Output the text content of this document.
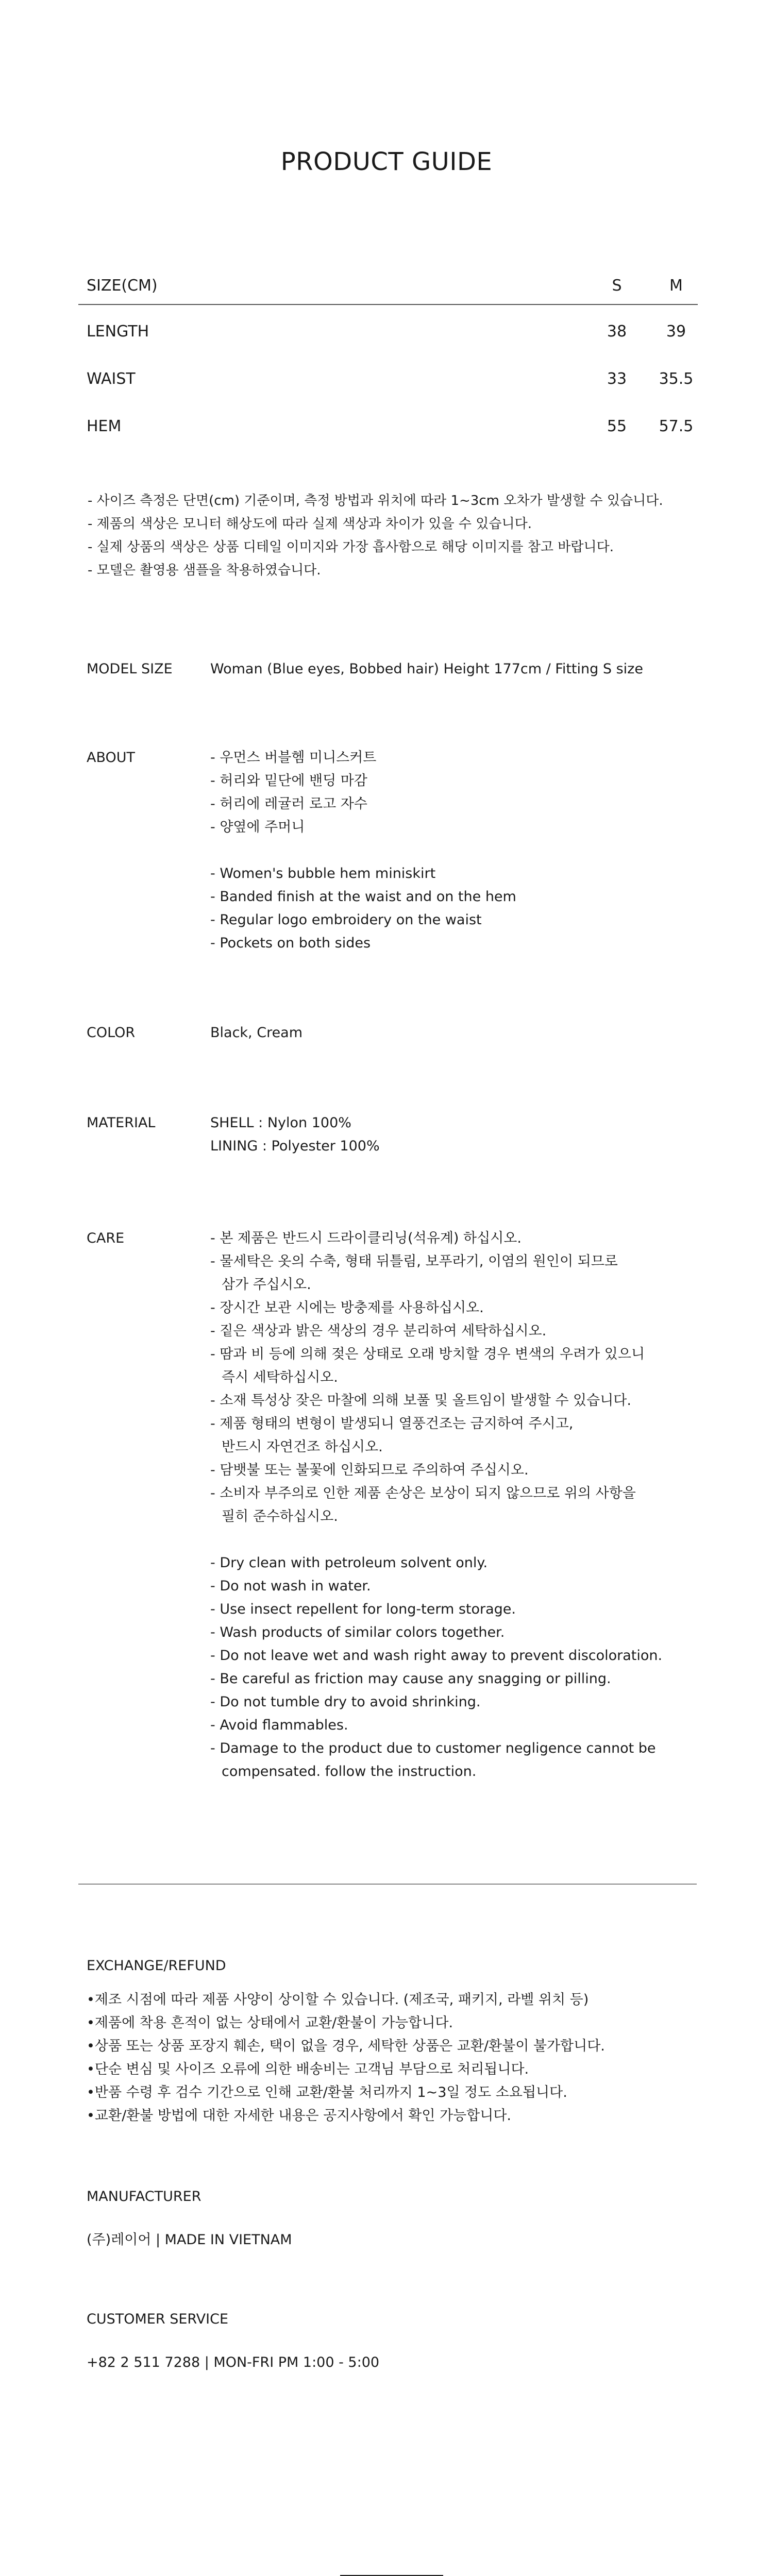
PRODUCT GUIDE
SIZE(CM)	S	M
LENGTH	38	39
WAIST	33	35.5
HEM	55	57.5
- 사이즈 측정은 단면(cm) 기준이며, 측정 방법과 위치에 따라 1~3cm 오차가 발생할 수 있습니다.
- 제품의 색상은 모니터 해상도에 따라 실제 색상과 차이가 있을 수 있습니다.
- 실제 상품의 색상은 상품 디테일 이미지와 가장 흡사함으로 해당 이미지를 참고 바랍니다.
- 모델은 촬영용 샘플을 착용하였습니다.
MODEL SIZE	Woman (Blue eyes, Bobbed hair) Height 177cm / Fitting S size
ABOUT	- 우먼스 버블헴 미니스커트
- 허리와 밑단에 밴딩 마감
- 허리에 레귤러 로고 자수
- 양옆에 주머니
- Women's bubble hem miniskirt
- Banded finish at the waist and on the hem
- Regular logo embroidery on the waist
- Pockets on both sides
COLOR	Black, Cream
MATERIAL	SHELL : Nylon 100%
LINING : Polyester 100%
CARE	- 본 제품은 반드시 드라이클리닝(석유계) 하십시오.
- 물세탁은 옷의 수축, 형태 뒤틀림, 보푸라기, 이염의 원인이 되므로
삼가 주십시오.
- 장시간 보관 시에는 방충제를 사용하십시오.
- 짙은 색상과 밝은 색상의 경우 분리하여 세탁하십시오.
- 땀과 비 등에 의해 젖은 상태로 오래 방치할 경우 변색의 우려가 있으니
즉시 세탁하십시오.
- 소재 특성상 잦은 마찰에 의해 보풀 및 올트임이 발생할 수 있습니다.
- 제품 형태의 변형이 발생되니 열풍건조는 금지하여 주시고,
반드시 자연건조 하십시오.
- 담뱃불 또는 불꽃에 인화되므로 주의하여 주십시오.
- 소비자 부주의로 인한 제품 손상은 보상이 되지 않으므로 위의 사항을
필히 준수하십시오.
- Dry clean with petroleum solvent only.
- Do not wash in water.
- Use insect repellent for long-term storage.
- Wash products of similar colors together.
- Do not leave wet and wash right away to prevent discoloration.
- Be careful as friction may cause any snagging or pilling.
- Do not tumble dry to avoid shrinking.
- Avoid flammables.
- Damage to the product due to customer negligence cannot be
compensated. follow the instruction.
EXCHANGE/REFUND
•제조 시점에 따라 제품 사양이 상이할 수 있습니다. (제조국, 패키지, 라벨 위치 등)
•제품에 착용 흔적이 없는 상태에서 교환/환불이 가능합니다.
•상품 또는 상품 포장지 훼손, 택이 없을 경우, 세탁한 상품은 교환/환불이 불가합니다.
•단순 변심 및 사이즈 오류에 의한 배송비는 고객님 부담으로 처리됩니다.
•반품 수령 후 검수 기간으로 인해 교환/환불 처리까지 1~3일 정도 소요됩니다.
•교환/환불 방법에 대한 자세한 내용은 공지사항에서 확인 가능합니다.
MANUFACTURER
(주)레이어 | MADE IN VIETNAM
CUSTOMER SERVICE
+82 2 511 7288 | MON-FRI PM 1:00 - 5:00
